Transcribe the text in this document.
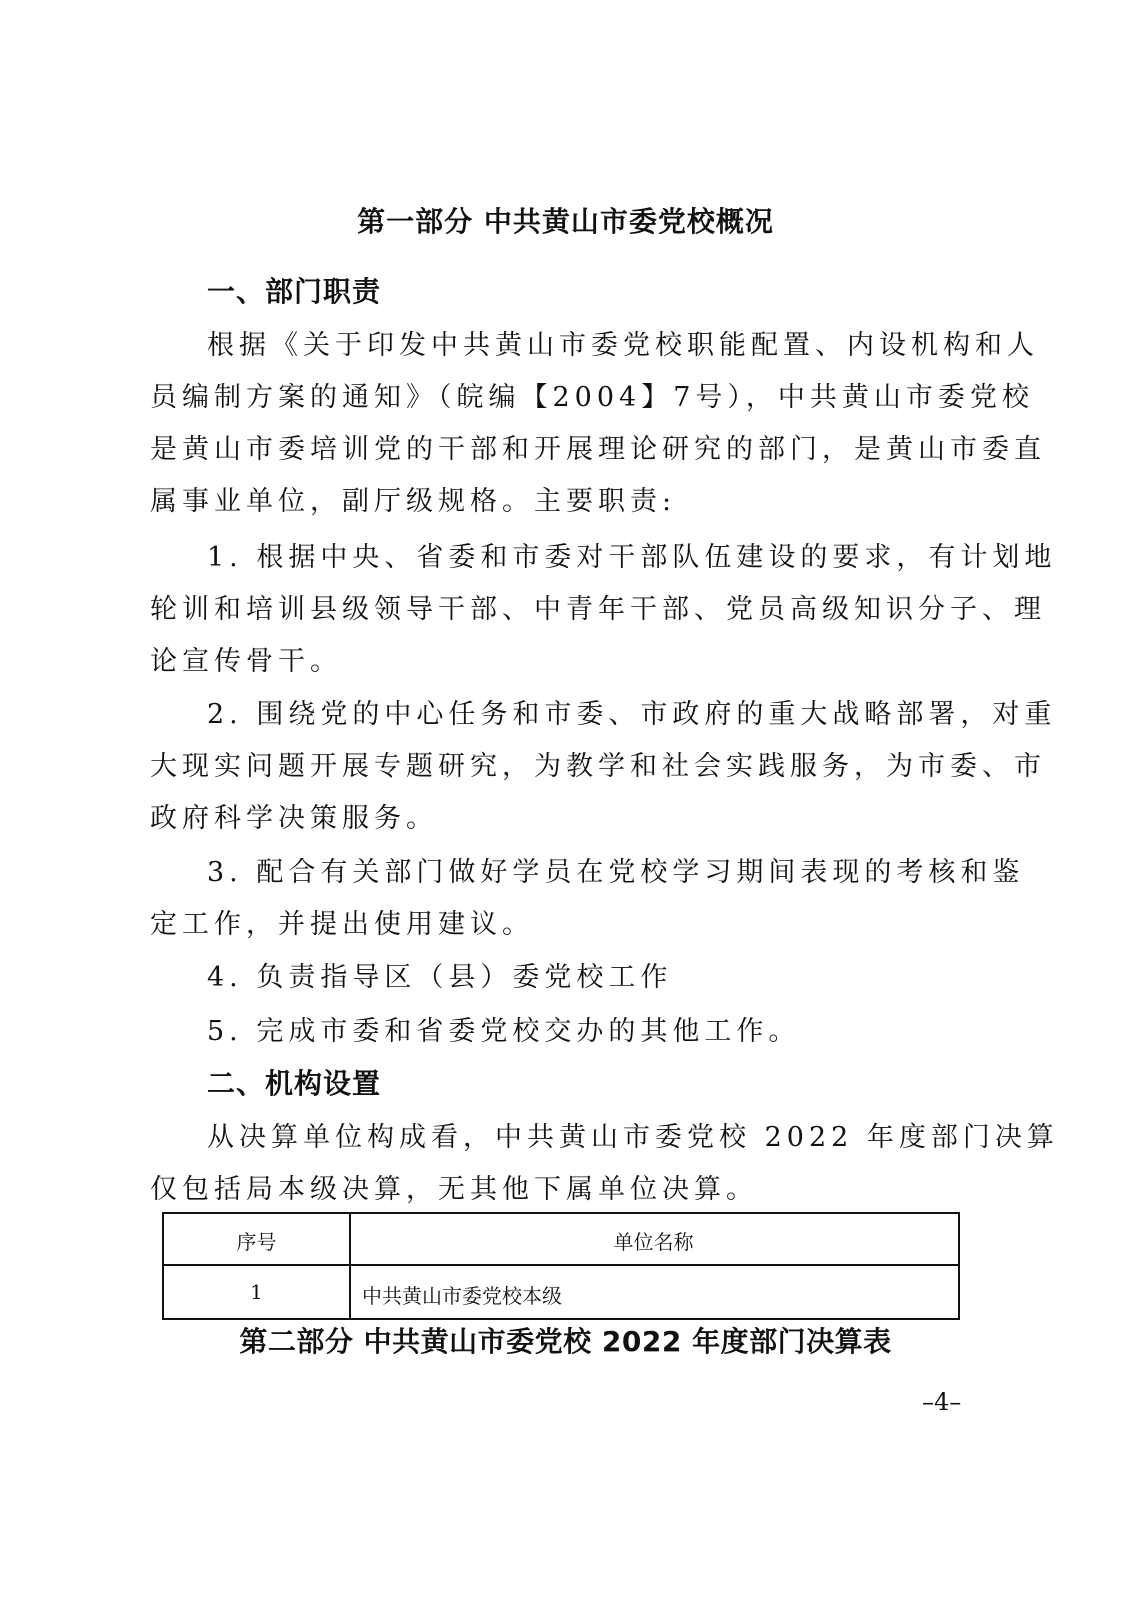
第一部分 中共黄山市委党校概况
一、部门职责
根据《关于印发中共黄山市委党校职能配置、内设机构和人
员编制方案的通知》（皖编【2004】7号），中共黄山市委党校
是黄山市委培训党的干部和开展理论研究的部门，是黄山市委直
属事业单位，副厅级规格。主要职责:
1. 根据中央、省委和市委对干部队伍建设的要求，有计划地
轮训和培训县级领导干部、中青年干部、党员高级知识分子、理
论宣传骨干。
2. 围绕党的中心任务和市委、市政府的重大战略部署，对重
大现实问题开展专题研究，为教学和社会实践服务，为市委、市
政府科学决策服务。
3. 配合有关部门做好学员在党校学习期间表现的考核和鉴
定工作，并提出使用建议。
4. 负责指导区（县）委党校工作
5. 完成市委和省委党校交办的其他工作。
二、机构设置
从决算单位构成看，中共黄山市委党校 2022 年度部门决算
仅包括局本级决算，无其他下属单位决算。
序号	单位名称
1	中共黄山市委党校本级
第二部分 中共黄山市委党校 2022 年度部门决算表
–4–
